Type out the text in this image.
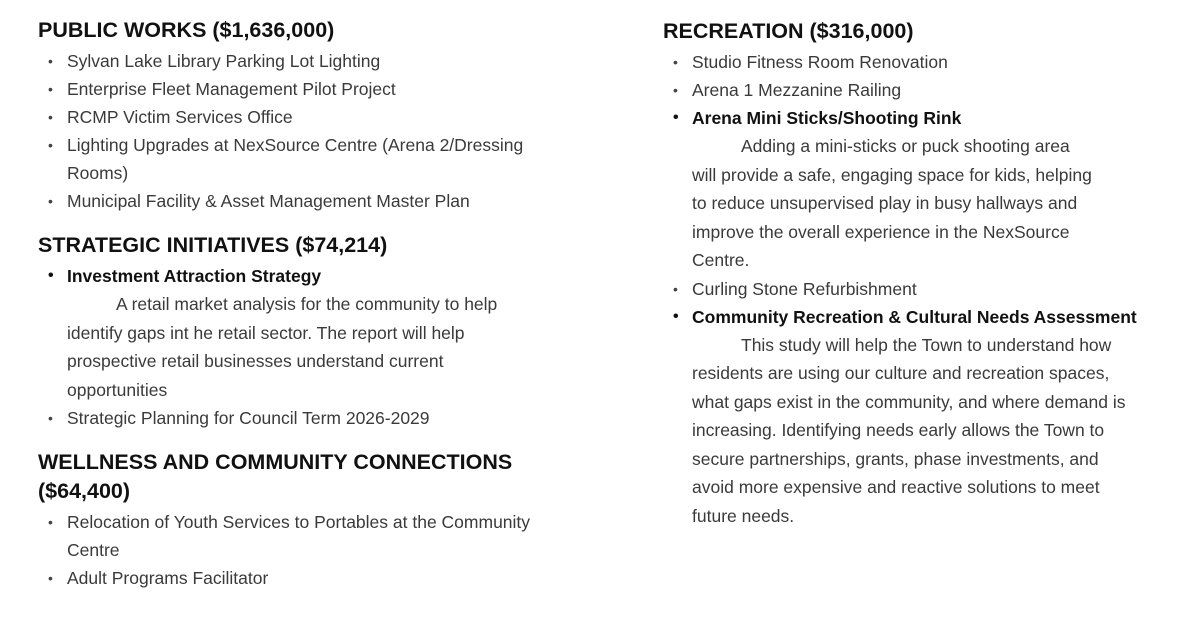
PUBLIC WORKS ($1,636,000)
• Sylvan Lake Library Parking Lot Lighting
• Enterprise Fleet Management Pilot Project
• RCMP Victim Services Office
• Lighting Upgrades at NexSource Centre (Arena 2/Dressing Rooms)
• Municipal Facility & Asset Management Master Plan
STRATEGIC INITIATIVES ($74,214)
• Investment Attraction Strategy
A retail market analysis for the community to help identify gaps int he retail sector. The report will help prospective retail businesses understand current opportunities
• Strategic Planning for Council Term 2026-2029
WELLNESS AND COMMUNITY CONNECTIONS ($64,400)
• Relocation of Youth Services to Portables at the Community Centre
• Adult Programs Facilitator
RECREATION ($316,000)
• Studio Fitness Room Renovation
• Arena 1 Mezzanine Railing
• Arena Mini Sticks/Shooting Rink
Adding a mini-sticks or puck shooting area will provide a safe, engaging space for kids, helping to reduce unsupervised play in busy hallways and improve the overall experience in the NexSource Centre.
• Curling Stone Refurbishment
• Community Recreation & Cultural Needs Assessment
This study will help the Town to understand how residents are using our culture and recreation spaces, what gaps exist in the community, and where demand is increasing. Identifying needs early allows the Town to secure partnerships, grants, phase investments, and avoid more expensive and reactive solutions to meet future needs.
